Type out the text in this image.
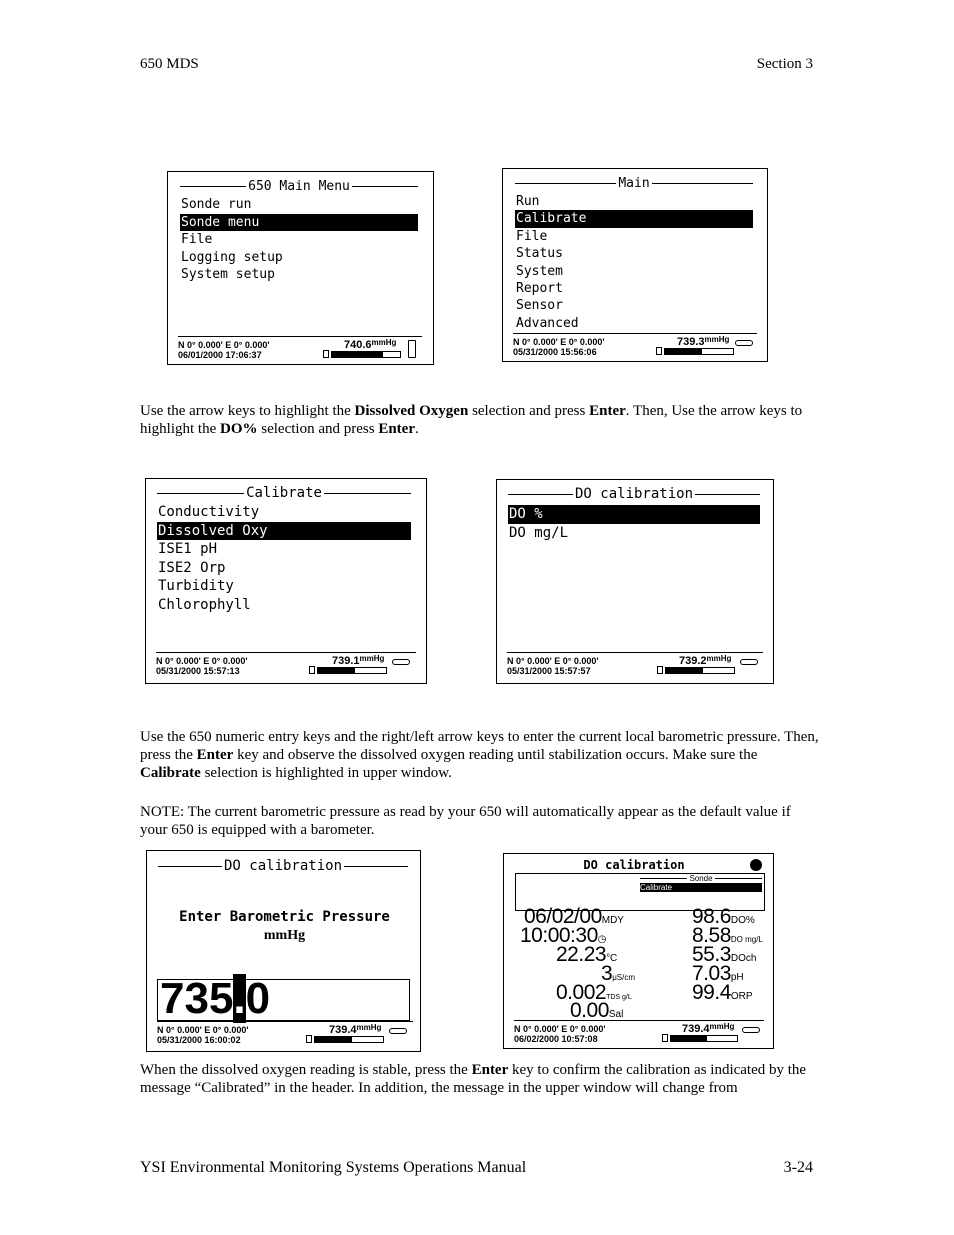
650 MDS	Section 3
650 Main Menu
Sonde run
Sonde menu
File
Logging setup
System setup
N 0° 0.000' E 0° 0.000'
06/01/2000 17:06:37
$740.6^{mmHg}$
Main
Run
Calibrate
File
Status
System
Report
Sensor
Advanced
N 0° 0.000' E 0° 0.000'
05/31/2000 15:56:06
$739.3^{mmHg}$
Use the arrow keys to highlight the Dissolved Oxygen selection and press Enter. Then, Use the arrow keys to highlight the DO% selection and press Enter.
Calibrate
Conductivity
Dissolved Oxy
ISE1 pH
ISE2 Orp
Turbidity
Chlorophyll
N 0° 0.000' E 0° 0.000'
05/31/2000 15:57:13
$739.1^{mmHg}$
DO calibration
DO %
DO mg/L
N 0° 0.000' E 0° 0.000'
05/31/2000 15:57:57
$739.2^{mmHg}$
Use the 650 numeric entry keys and the right/left arrow keys to enter the current local barometric pressure. Then, press the Enter key and observe the dissolved oxygen reading until stabilization occurs. Make sure the Calibrate selection is highlighted in upper window.
NOTE: The current barometric pressure as read by your 650 will automatically appear as the default value if your 650 is equipped with a barometer.
DO calibration
Enter Barometric Pressure
mmHg
735.0
N 0° 0.000' E 0° 0.000'
05/31/2000 16:00:02
$739.4^{mmHg}$
DO calibration
Sonde
Calibrate
06/02/00MDY
10:00:30◷
22.23°C
3μS/cm
0.002TDS g/L
0.00Sal
98.6DO%
8.58DO mg/L
55.3DOch
7.03pH
99.4ORP
N 0° 0.000' E 0° 0.000'
06/02/2000 10:57:08
$739.4^{mmHg}$
When the dissolved oxygen reading is stable, press the Enter key to confirm the calibration as indicated by the message “Calibrated” in the header. In addition, the message in the upper window will change from
YSI Environmental Monitoring Systems Operations Manual	3-24
